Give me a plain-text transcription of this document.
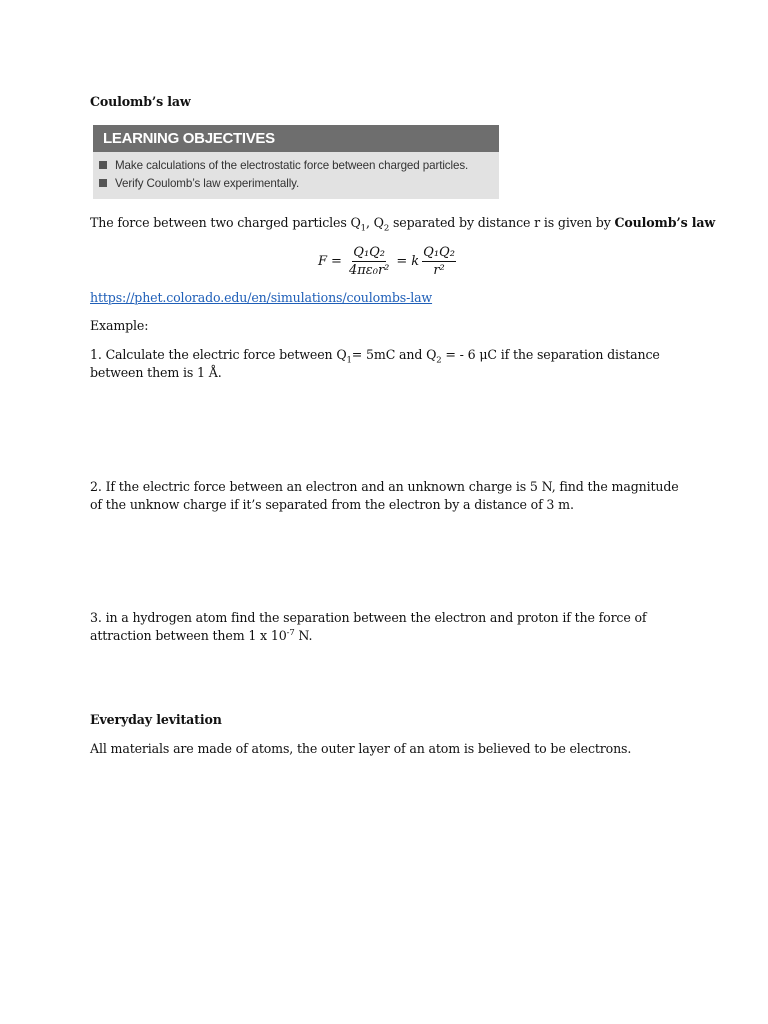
Coulomb’s law
LEARNING OBJECTIVES
Make calculations of the electrostatic force between charged particles.
Verify Coulomb’s law experimentally.
The force between two charged particles $Q_1$, $Q_2$ separated by distance r is given by Coulomb’s law
$F = \frac{\text{Q₁Q₂}}{\text{4πε₀r²}} = k \frac{\text{Q₁Q₂}}{\text{r²}}$
https://phet.colorado.edu/en/simulations/coulombs-law
Example:
1. Calculate the electric force between $Q_1= 5mC$ and $Q_2$ = - 6 μC if the separation distance between them is 1 Å.
2. If the electric force between an electron and an unknown charge is 5 N, find the magnitude of the unknow charge if it’s separated from the electron by a distance of 3 m.
3. in a hydrogen atom find the separation between the electron and proton if the force of attraction between them 1 x $10^{-7}$ N.
Everyday levitation
All materials are made of atoms, the outer layer of an atom is believed to be electrons.
